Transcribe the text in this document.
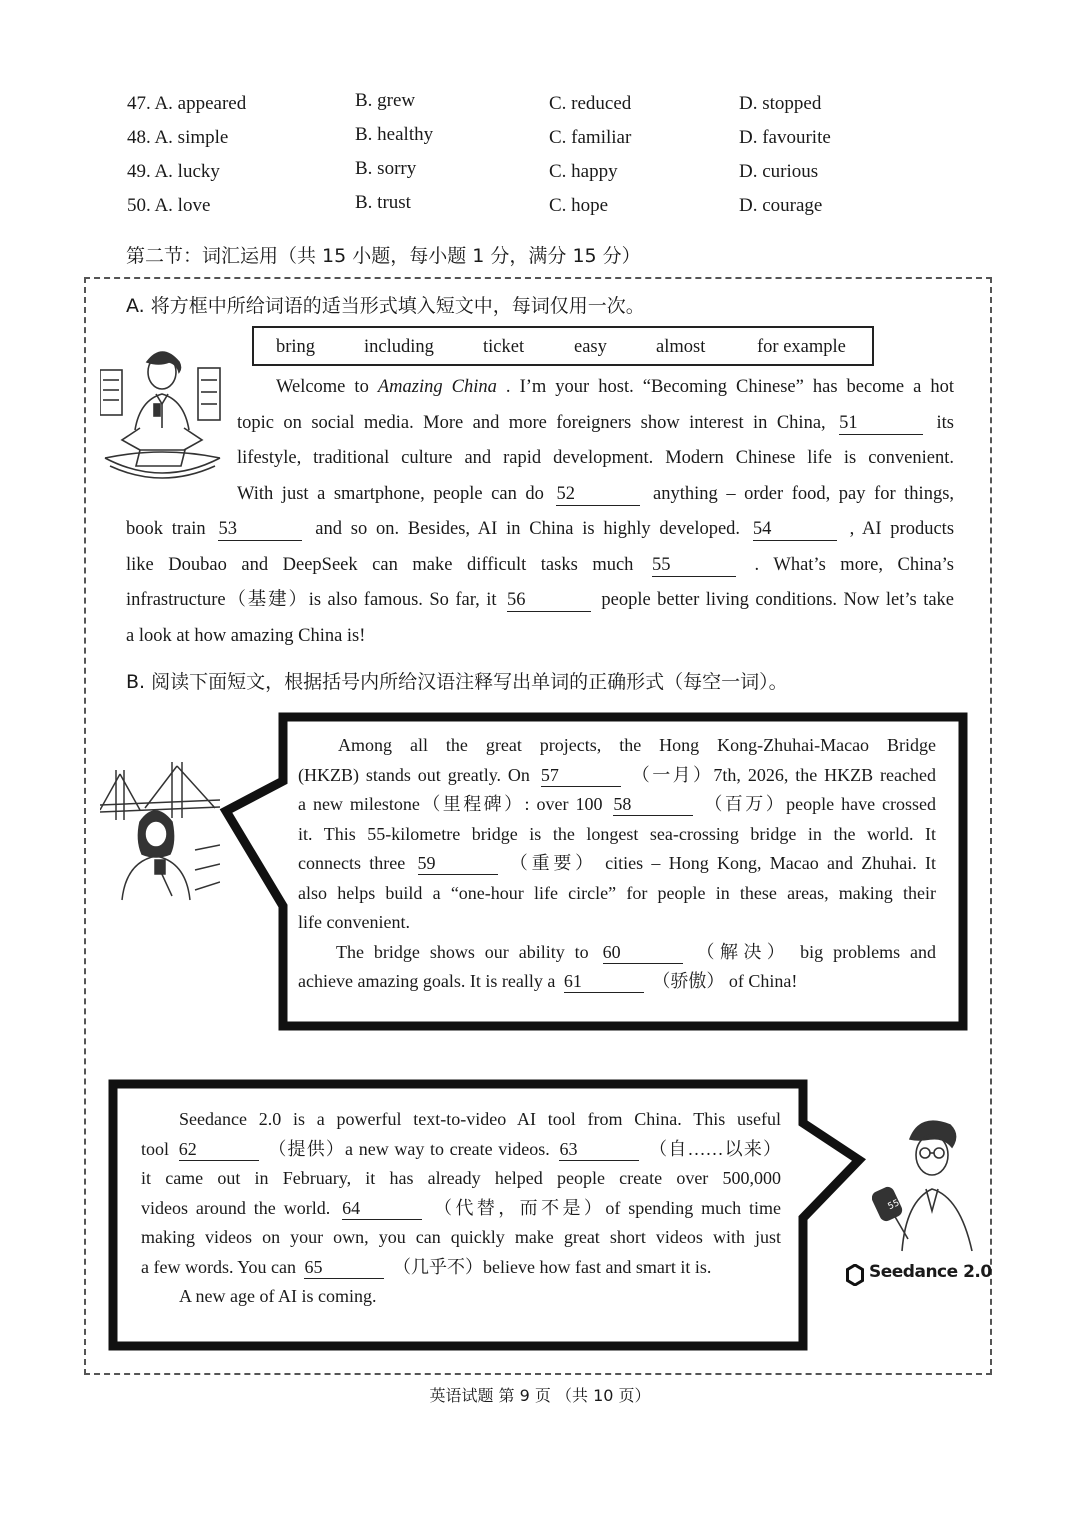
47. A. appeared	B. grew	C. reduced	D. stopped
48. A. simple	B. healthy	C. familiar	D. favourite
49. A. lucky	B. sorry	C. happy	D. curious
50. A. love	B. trust	C. hope	D. courage
第二节：词汇运用（共 15 小题，每小题 1 分，满分 15 分）
A. 将方框中所给词语的适当形式填入短文中，每词仅用一次。
bring	including	ticket	easy	almost	for example
Welcome to Amazing China . I’m your host. “Becoming Chinese” has become a hot
topic on social media. More and more foreigners show interest in China, 51	its
lifestyle, traditional culture and rapid development. Modern Chinese life is convenient.
With just a smartphone, people can do 52	anything – order food, pay for things,
book train 53	and so on. Besides, AI in China is highly developed. 54	, AI products
like Doubao and DeepSeek can make difficult tasks much 55	. What’s more, China’s
infrastructure（基建）is also famous. So far, it 56	people better living conditions. Now let’s take
a look at how amazing China is!
B. 阅读下面短文，根据括号内所给汉语注释写出单词的正确形式（每空一词）。
Among all the great projects, the Hong Kong-Zhuhai-Macao Bridge
(HKZB) stands out greatly. On 57	（一月）7th, 2026, the HKZB reached
a new milestone（里程碑）: over 100 58	（百万）people have crossed
it. This 55-kilometre bridge is the longest sea-crossing bridge in the world. It
connects three 59	（重要） cities – Hong Kong, Macao and Zhuhai. It
also helps build a “one-hour life circle” for people in these areas, making their
life convenient.
The bridge shows our ability to 60	（解决） big problems and
achieve amazing goals. It is really a 61	（骄傲） of China!
55
Seedance 2.0
Seedance 2.0 is a powerful text-to-video AI tool from China. This useful
tool 62	（提供）a new way to create videos. 63	（自……以来）
it came out in February, it has already helped people create over 500,000
videos around the world. 64	（代替，而不是）of spending much time
making videos on your own, you can quickly make great short videos with just
a few words. You can 65	（几乎不）believe how fast and smart it is.
A new age of AI is coming.
英语试题 第 9 页 （共 10 页）
